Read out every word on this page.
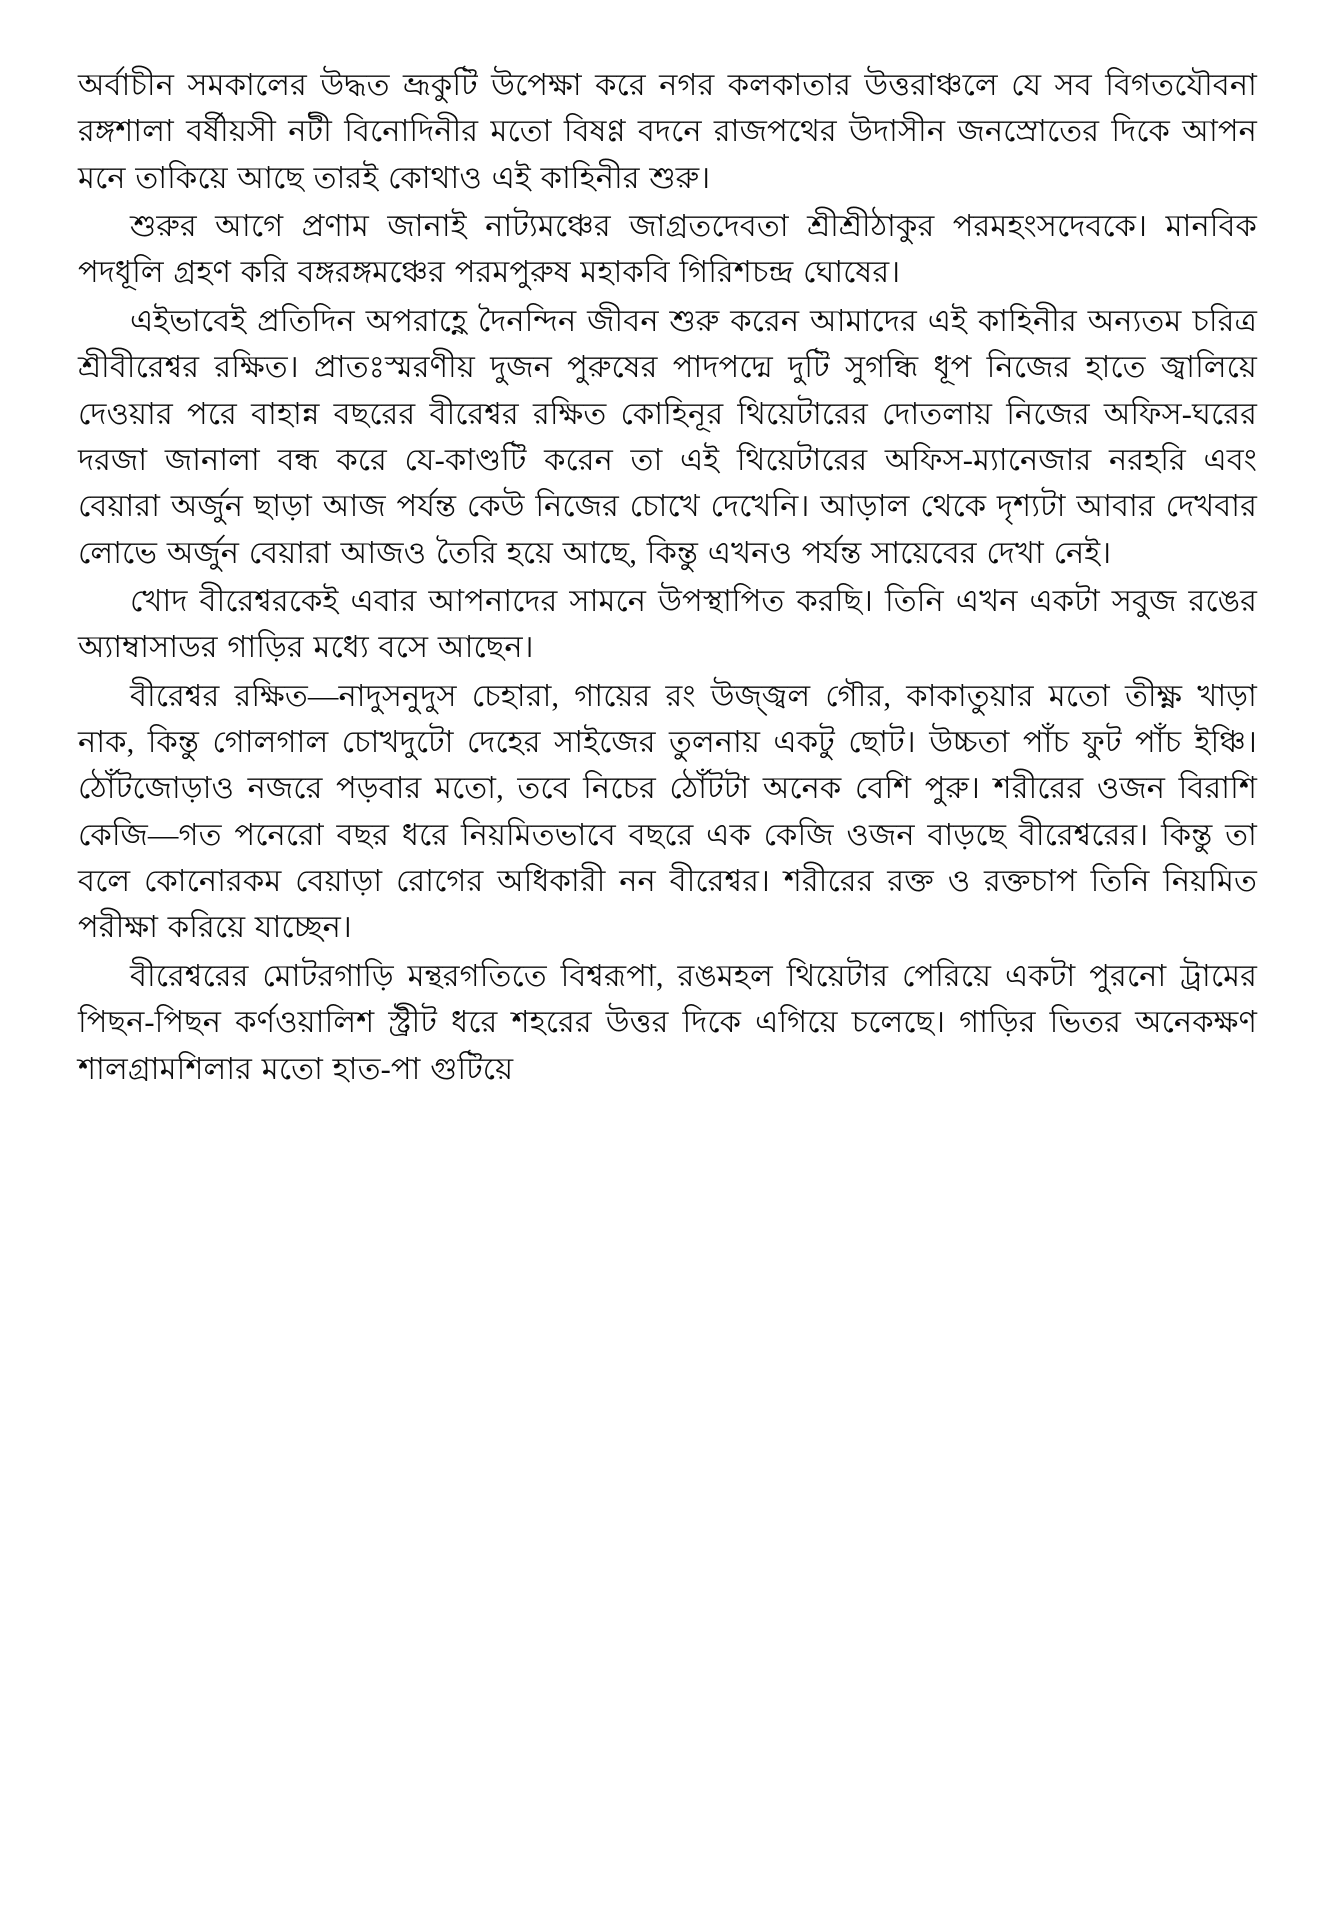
অর্বাচীন সমকালের উদ্ধত ভ্রূকুটি উপেক্ষা করে নগর কলকাতার উত্তরাঞ্চলে যে সব বিগতযৌবনা রঙ্গশালা বর্ষীয়সী নটী বিনোদিনীর মতো বিষণ্ণ বদনে রাজপথের উদাসীন জনস্রোতের দিকে আপন মনে তাকিয়ে আছে তারই কোথাও এই কাহিনীর শুরু।

শুরুর আগে প্রণাম জানাই নাট্যমঞ্চের জাগ্রতদেবতা শ্রীশ্রীঠাকুর পরমহংসদেবকে। মানবিক পদধূলি গ্রহণ করি বঙ্গরঙ্গমঞ্চের পরমপুরুষ মহাকবি গিরিশচন্দ্র ঘোষের।

এইভাবেই প্রতিদিন অপরাহ্ণে দৈনন্দিন জীবন শুরু করেন আমাদের এই কাহিনীর অন্যতম চরিত্র শ্রীবীরেশ্বর রক্ষিত। প্রাতঃস্মরণীয় দুজন পুরুষের পাদপদ্মে দুটি সুগন্ধি ধূপ নিজের হাতে জ্বালিয়ে দেওয়ার পরে বাহান্ন বছরের বীরেশ্বর রক্ষিত কোহিনূর থিয়েটারের দোতলায় নিজের অফিস-ঘরের দরজা জানালা বন্ধ করে যে-কাণ্ডটি করেন তা এই থিয়েটারের অফিস-ম্যানেজার নরহরি এবং বেয়ারা অর্জুন ছাড়া আজ পর্যন্ত কেউ নিজের চোখে দেখেনি। আড়াল থেকে দৃশ্যটা আবার দেখবার লোভে অর্জুন বেয়ারা আজও তৈরি হয়ে আছে, কিন্তু এখনও পর্যন্ত সায়েবের দেখা নেই।

খোদ বীরেশ্বরকেই এবার আপনাদের সামনে উপস্থাপিত করছি। তিনি এখন একটা সবুজ রঙের অ্যাম্বাসাডর গাড়ির মধ্যে বসে আছেন।

বীরেশ্বর রক্ষিত—নাদুসনুদুস চেহারা, গায়ের রং উজ্জ্বল গৌর, কাকাতুয়ার মতো তীক্ষ্ণ খাড়া নাক, কিন্তু গোলগাল চোখদুটো দেহের সাইজের তুলনায় একটু ছোট। উচ্চতা পাঁচ ফুট পাঁচ ইঞ্চি। ঠোঁটজোড়াও নজরে পড়বার মতো, তবে নিচের ঠোঁটটা অনেক বেশি পুরু। শরীরের ওজন বিরাশি কেজি—গত পনেরো বছর ধরে নিয়মিতভাবে বছরে এক কেজি ওজন বাড়ছে বীরেশ্বরের। কিন্তু তা বলে কোনোরকম বেয়াড়া রোগের অধিকারী নন বীরেশ্বর। শরীরের রক্ত ও রক্তচাপ তিনি নিয়মিত পরীক্ষা করিয়ে যাচ্ছেন।

বীরেশ্বরের মোটরগাড়ি মন্থরগতিতে বিশ্বরূপা, রঙমহল থিয়েটার পেরিয়ে একটা পুরনো ট্রামের পিছন-পিছন কর্ণওয়ালিশ স্ট্রীট ধরে শহরের উত্তর দিকে এগিয়ে চলেছে। গাড়ির ভিতর অনেকক্ষণ শালগ্রামশিলার মতো হাত-পা গুটিয়ে
